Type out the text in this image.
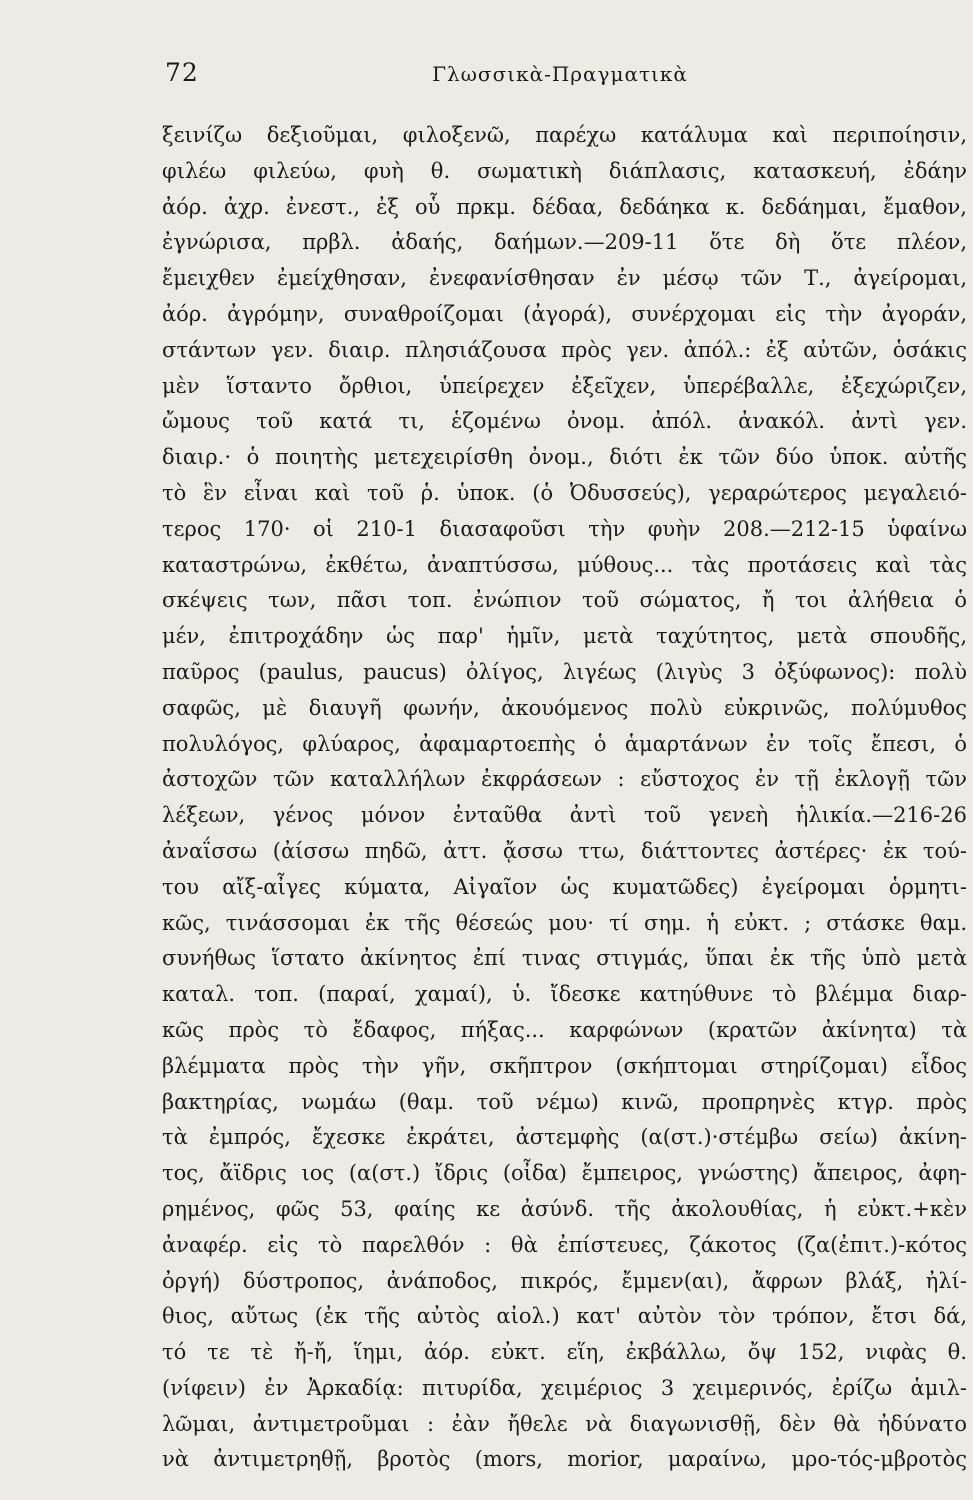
72	Γλωσσικὰ-Πραγματικὰ
ξεινίζω δεξιοῦμαι, φιλοξενῶ, παρέχω κατάλυμα καὶ περιποίησιν,
φιλέω φιλεύω, φυὴ θ. σωματικὴ διάπλασις, κατασκευή, ἐδάην
ἀόρ. ἀχρ. ἐνεστ., ἐξ οὗ πρκμ. δέδαα, δεδάηκα κ. δεδάημαι, ἔμαθον,
ἐγνώρισα, πρβλ. ἀδαής, δαήμων.—209-11 ὅτε δὴ ὅτε πλέον,
ἔμειχθεν ἐμείχθησαν, ἐνεφανίσθησαν ἐν μέσῳ τῶν Τ., ἀγείρομαι,
ἀόρ. ἀγρόμην, συναθροίζομαι (ἀγορά), συνέρχομαι εἰς τὴν ἀγοράν,
στάντων γεν. διαιρ. πλησιάζουσα πρὸς γεν. ἀπόλ.: ἐξ αὐτῶν, ὁσάκις
μὲν ἵσταντο ὄρθιοι, ὑπείρεχεν ἐξεῖχεν, ὑπερέβαλλε, ἐξεχώριζεν,
ὤμους τοῦ κατά τι, ἑζομένω ὀνομ. ἀπόλ. ἀνακόλ. ἀντὶ γεν.
διαιρ.· ὁ ποιητὴς μετεχειρίσθη ὀνομ., διότι ἐκ τῶν δύο ὑποκ. αὐτῆς
τὸ ἓν εἶναι καὶ τοῦ ῥ. ὑποκ. (ὁ Ὀδυσσεύς), γεραρώτερος μεγαλειό-
τερος 170· οἱ 210-1 διασαφοῦσι τὴν φυὴν 208.—212-15 ὑφαίνω
καταστρώνω, ἐκθέτω, ἀναπτύσσω, μύθους... τὰς προτάσεις καὶ τὰς
σκέψεις των, πᾶσι τοπ. ἐνώπιον τοῦ σώματος, ἤ τοι ἀλήθεια ὁ
μέν, ἐπιτροχάδην ὡς παρ' ἡμῖν, μετὰ ταχύτητος, μετὰ σπουδῆς,
παῦρος (paulus, paucus) ὀλίγος, λιγέως (λιγὺς 3 ὀξύφωνος): πολὺ
σαφῶς, μὲ διαυγῆ φωνήν, ἀκουόμενος πολὺ εὐκρινῶς, πολύμυθος
πολυλόγος, φλύαρος, ἀφαμαρτοεπὴς ὁ ἁμαρτάνων ἐν τοῖς ἔπεσι, ὁ
ἀστοχῶν τῶν καταλλήλων ἐκφράσεων : εὔστοχος ἐν τῇ ἐκλογῇ τῶν
λέξεων, γένος μόνον ἐνταῦθα ἀντὶ τοῦ γενεὴ ἡλικία.—216-26
ἀναΐσσω (ἀίσσω πηδῶ, ἀττ. ᾄσσω ττω, διάττοντες ἀστέρες· ἐκ τού-
του αἴξ-αἶγες κύματα, Αἰγαῖον ὡς κυματῶδες) ἐγείρομαι ὁρμητι-
κῶς, τινάσσομαι ἐκ τῆς θέσεώς μου· τί σημ. ἡ εὐκτ. ; στάσκε θαμ.
συνήθως ἵστατο ἀκίνητος ἐπί τινας στιγμάς, ὕπαι ἐκ τῆς ὑπὸ μετὰ
καταλ. τοπ. (παραί, χαμαί), ὑ. ἴδεσκε κατηύθυνε τὸ βλέμμα διαρ-
κῶς πρὸς τὸ ἔδαφος, πήξας... καρφώνων (κρατῶν ἀκίνητα) τὰ
βλέμματα πρὸς τὴν γῆν, σκῆπτρον (σκήπτομαι στηρίζομαι) εἶδος
βακτηρίας, νωμάω (θαμ. τοῦ νέμω) κινῶ, προπρηνὲς κτγρ. πρὸς
τὰ ἐμπρός, ἔχεσκε ἐκράτει, ἀστεμφὴς (α(στ.)·στέμβω σείω) ἀκίνη-
τος, ἄϊδρις ιος (α(στ.) ἴδρις (οἶδα) ἔμπειρος, γνώστης) ἄπειρος, ἀφη-
ρημένος, φῶς 53, φαίης κε ἀσύνδ. τῆς ἀκολουθίας, ἡ εὐκτ.+κὲν
ἀναφέρ. εἰς τὸ παρελθόν : θὰ ἐπίστευες, ζάκοτος (ζα(ἐπιτ.)-κότος
ὀργή) δύστροπος, ἀνάποδος, πικρός, ἔμμεν(αι), ἄφρων βλάξ, ἠλί-
θιος, αὔτως (ἐκ τῆς αὐτὸς αἰολ.) κατ' αὐτὸν τὸν τρόπον, ἔτσι δά,
τό τε τὲ ἤ-ἤ, ἵημι, ἀόρ. εὐκτ. εἵη, ἐκβάλλω, ὄψ 152, νιφὰς θ.
(νίφειν) ἐν Ἀρκαδίᾳ: πιτυρίδα, χειμέριος 3 χειμερινός, ἐρίζω ἁμιλ-
λῶμαι, ἀντιμετροῦμαι : ἐὰν ἤθελε νὰ διαγωνισθῇ, δὲν θὰ ἠδύνατο
νὰ ἀντιμετρηθῇ, βροτὸς (mors, morior, μαραίνω, μρο-τός-μβροτὸς
